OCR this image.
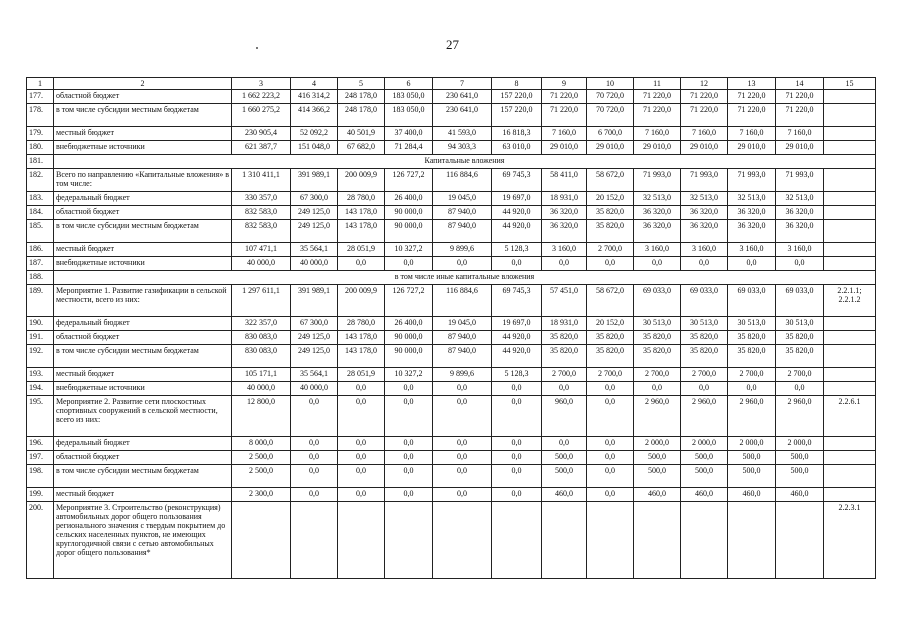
27
1	2	3	4	5	6	7	8	9	10	11	12	13	14	15
177.	областной бюджет	1 662 223,2	416 314,2	248 178,0	183 050,0	230 641,0	157 220,0	71 220,0	70 720,0	71 220,0	71 220,0	71 220,0	71 220,0	
178.	в том числе субсидии местным бюджетам	1 660 275,2	414 366,2	248 178,0	183 050,0	230 641,0	157 220,0	71 220,0	70 720,0	71 220,0	71 220,0	71 220,0	71 220,0	
179.	местный бюджет	230 905,4	52 092,2	40 501,9	37 400,0	41 593,0	16 818,3	7 160,0	6 700,0	7 160,0	7 160,0	7 160,0	7 160,0	
180.	внебюджетные источники	621 387,7	151 048,0	67 682,0	71 284,4	94 303,3	63 010,0	29 010,0	29 010,0	29 010,0	29 010,0	29 010,0	29 010,0	
181.	Капитальные вложения													
182.	Всего по направлению «Капитальные вложения» в том числе:	1 310 411,1	391 989,1	200 009,9	126 727,2	116 884,6	69 745,3	58 411,0	58 672,0	71 993,0	71 993,0	71 993,0	71 993,0	
183.	федеральный бюджет	330 357,0	67 300,0	28 780,0	26 400,0	19 045,0	19 697,0	18 931,0	20 152,0	32 513,0	32 513,0	32 513,0	32 513,0	
184.	областной бюджет	832 583,0	249 125,0	143 178,0	90 000,0	87 940,0	44 920,0	36 320,0	35 820,0	36 320,0	36 320,0	36 320,0	36 320,0	
185.	в том числе субсидии местным бюджетам	832 583,0	249 125,0	143 178,0	90 000,0	87 940,0	44 920,0	36 320,0	35 820,0	36 320,0	36 320,0	36 320,0	36 320,0	
186.	местный бюджет	107 471,1	35 564,1	28 051,9	10 327,2	9 899,6	5 128,3	3 160,0	2 700,0	3 160,0	3 160,0	3 160,0	3 160,0	
187.	внебюджетные источники	40 000,0	40 000,0	0,0	0,0	0,0	0,0	0,0	0,0	0,0	0,0	0,0	0,0	
188.	в том числе иные капитальные вложения													
189.	Мероприятие 1. Развитие газификации в сельской местности, всего из них:	1 297 611,1	391 989,1	200 009,9	126 727,2	116 884,6	69 745,3	57 451,0	58 672,0	69 033,0	69 033,0	69 033,0	69 033,0	2.2.1.1; 2.2.1.2
190.	федеральный бюджет	322 357,0	67 300,0	28 780,0	26 400,0	19 045,0	19 697,0	18 931,0	20 152,0	30 513,0	30 513,0	30 513,0	30 513,0	
191.	областной бюджет	830 083,0	249 125,0	143 178,0	90 000,0	87 940,0	44 920,0	35 820,0	35 820,0	35 820,0	35 820,0	35 820,0	35 820,0	
192.	в том числе субсидии местным бюджетам	830 083,0	249 125,0	143 178,0	90 000,0	87 940,0	44 920,0	35 820,0	35 820,0	35 820,0	35 820,0	35 820,0	35 820,0	
193.	местный бюджет	105 171,1	35 564,1	28 051,9	10 327,2	9 899,6	5 128,3	2 700,0	2 700,0	2 700,0	2 700,0	2 700,0	2 700,0	
194.	внебюджетные источники	40 000,0	40 000,0	0,0	0,0	0,0	0,0	0,0	0,0	0,0	0,0	0,0	0,0	
195.	Мероприятие 2. Развитие сети плоскостных спортивных сооружений в сельской местности, всего из них:	12 800,0	0,0	0,0	0,0	0,0	0,0	960,0	0,0	2 960,0	2 960,0	2 960,0	2 960,0	2.2.6.1
196.	федеральный бюджет	8 000,0	0,0	0,0	0,0	0,0	0,0	0,0	0,0	2 000,0	2 000,0	2 000,0	2 000,0	
197.	областной бюджет	2 500,0	0,0	0,0	0,0	0,0	0,0	500,0	0,0	500,0	500,0	500,0	500,0	
198.	в том числе субсидии местным бюджетам	2 500,0	0,0	0,0	0,0	0,0	0,0	500,0	0,0	500,0	500,0	500,0	500,0	
199.	местный бюджет	2 300,0	0,0	0,0	0,0	0,0	0,0	460,0	0,0	460,0	460,0	460,0	460,0	
200.	Мероприятие 3. Строительство (реконструкция) автомобильных дорог общего пользования регионального значения с твердым покрытием до сельских населенных пунктов, не имеющих круглогодичной связи с сетью автомобильных дорог общего пользования*													2.2.3.1
